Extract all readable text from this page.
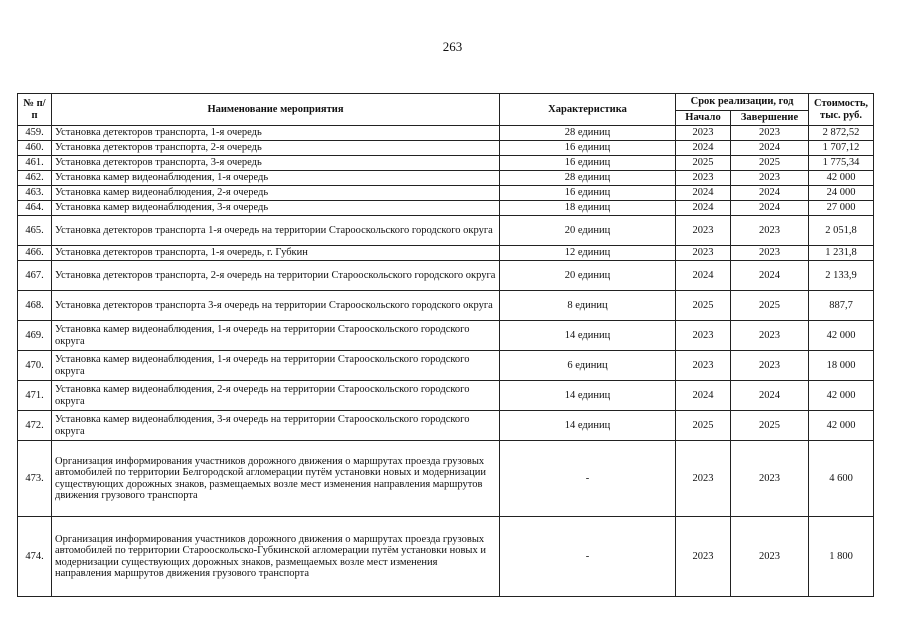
263
№ п/п	Наименование мероприятия	Характеристика	Срок реализации, год		Стоимость, тыс. руб.
			Начало	Завершение	
459.	Установка детекторов транспорта, 1-я очередь	28 единиц	2023	2023	2 872,52
460.	Установка детекторов транспорта, 2-я очередь	16 единиц	2024	2024	1 707,12
461.	Установка детекторов транспорта, 3-я очередь	16 единиц	2025	2025	1 775,34
462.	Установка камер видеонаблюдения, 1-я очередь	28 единиц	2023	2023	42 000
463.	Установка камер видеонаблюдения, 2-я очередь	16 единиц	2024	2024	24 000
464.	Установка камер видеонаблюдения, 3-я очередь	18 единиц	2024	2024	27 000
465.	Установка детекторов транспорта 1-я очередь на территории Старооскольского городского округа	20 единиц	2023	2023	2 051,8
466.	Установка детекторов транспорта, 1-я очередь, г. Губкин	12 единиц	2023	2023	1 231,8
467.	Установка детекторов транспорта, 2-я очередь на территории Старооскольского городского округа	20 единиц	2024	2024	2 133,9
468.	Установка детекторов транспорта 3-я очередь на территории Старооскольского городского округа	8 единиц	2025	2025	887,7
469.	Установка камер видеонаблюдения, 1-я очередь на территории Старооскольского городского округа	14 единиц	2023	2023	42 000
470.	Установка камер видеонаблюдения, 1-я очередь на территории Старооскольского городского округа	6 единиц	2023	2023	18 000
471.	Установка камер видеонаблюдения, 2-я очередь на территории Старооскольского городского округа	14 единиц	2024	2024	42 000
472.	Установка камер видеонаблюдения, 3-я очередь на территории Старооскольского городского округа	14 единиц	2025	2025	42 000
473.	Организация информирования участников дорожного движения о маршрутах проезда грузовых автомобилей по территории Белгородской агломерации путём установки новых и модернизации существующих дорожных знаков, размещаемых возле мест изменения направления маршрутов движения грузового транспорта	-	2023	2023	4 600
474.	Организация информирования участников дорожного движения о маршрутах проезда грузовых автомобилей по территории Старооскольско-Губкинской агломерации путём установки новых и модернизации существующих дорожных знаков, размещаемых возле мест изменения направления маршрутов движения грузового транспорта	-	2023	2023	1 800
